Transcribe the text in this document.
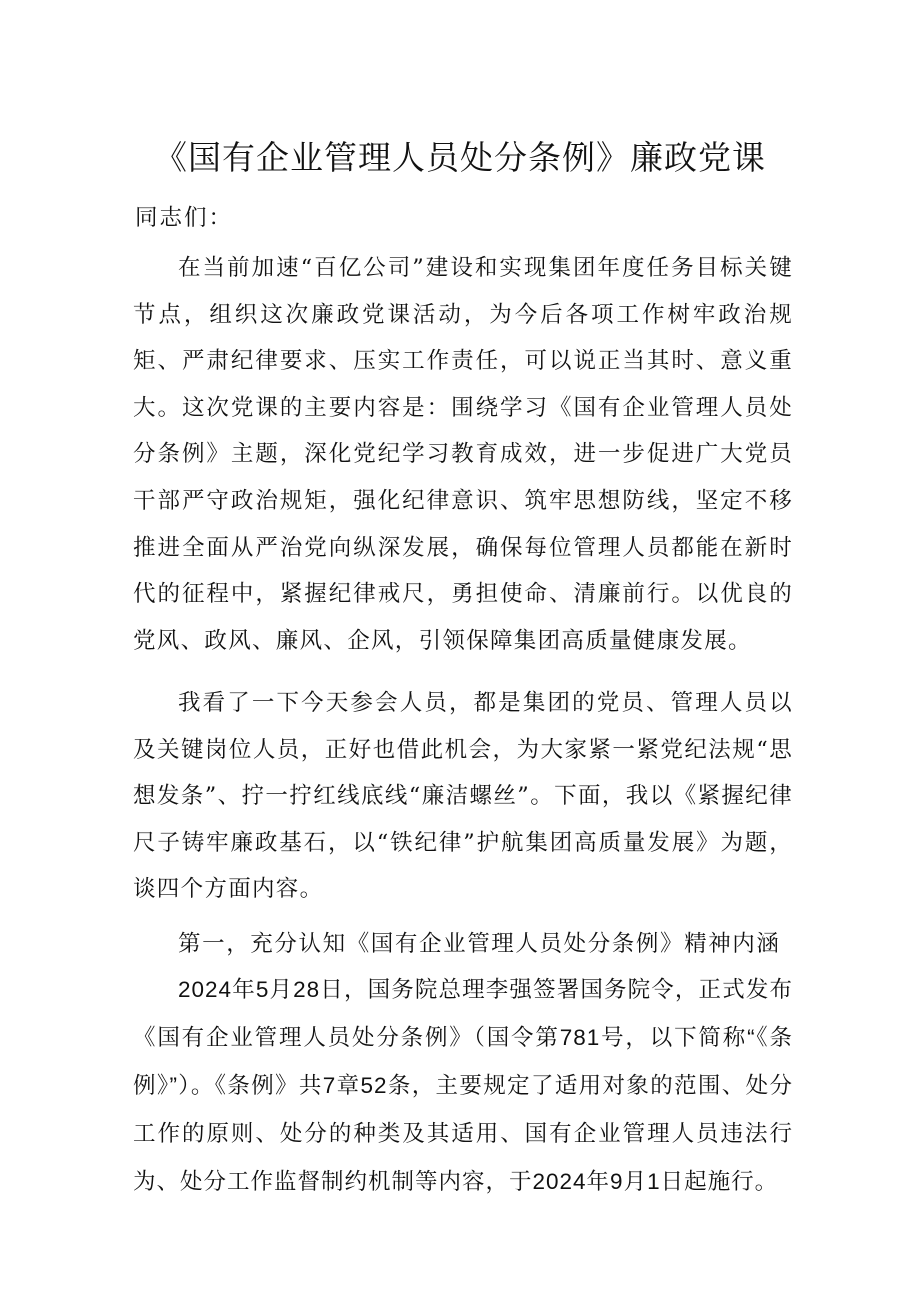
《国有企业管理人员处分条例》廉政党课
同志们：

在当前加速“百亿公司”建设和实现集团年度任务目标关键节点，组织这次廉政党课活动，为今后各项工作树牢政治规矩、严肃纪律要求、压实工作责任，可以说正当其时、意义重大。这次党课的主要内容是：围绕学习《国有企业管理人员处分条例》主题，深化党纪学习教育成效，进一步促进广大党员干部严守政治规矩，强化纪律意识、筑牢思想防线，坚定不移推进全面从严治党向纵深发展，确保每位管理人员都能在新时代的征程中，紧握纪律戒尺，勇担使命、清廉前行。以优良的党风、政风、廉风、企风，引领保障集团高质量健康发展。

我看了一下今天参会人员，都是集团的党员、管理人员以及关键岗位人员，正好也借此机会，为大家紧一紧党纪法规“思想发条”、拧一拧红线底线“廉洁螺丝”。下面，我以《紧握纪律尺子铸牢廉政基石，以“铁纪律”护航集团高质量发展》为题，谈四个方面内容。

第一，充分认知《国有企业管理人员处分条例》精神内涵

2024年5月28日，国务院总理李强签署国务院令，正式发布《国有企业管理人员处分条例》（国令第781号，以下简称“《条例》”）。《条例》共7章52条，主要规定了适用对象的范围、处分工作的原则、处分的种类及其适用、国有企业管理人员违法行为、处分工作监督制约机制等内容，于2024年9月1日起施行。
